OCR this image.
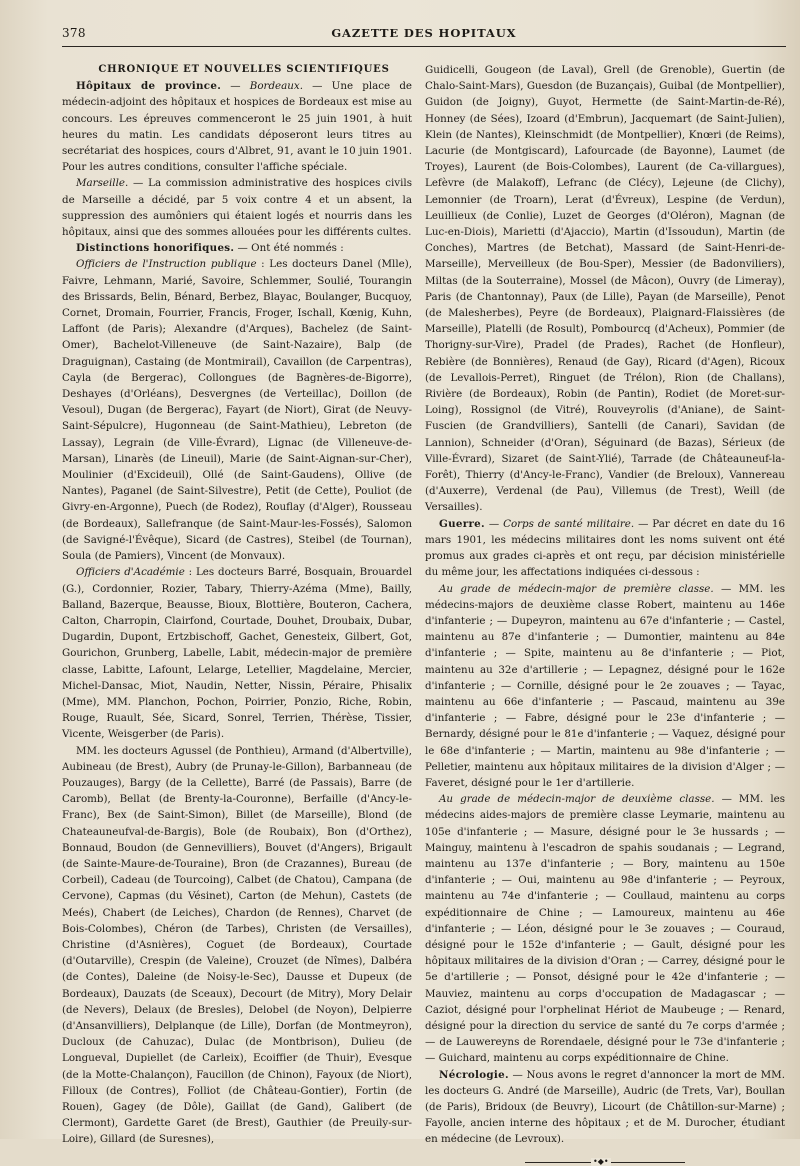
378	GAZETTE DES HOPITAUX

CHRONIQUE ET NOUVELLES SCIENTIFIQUES

Hôpitaux de province. — Bordeaux. — Une place de médecin-adjoint des hôpitaux et hospices de Bordeaux est mise au concours. Les épreuves commenceront le 25 juin 1901, à huit heures du matin. Les candidats déposeront leurs titres au secrétariat des hospices, cours d'Albret, 91, avant le 10 juin 1901. Pour les autres conditions, consulter l'affiche spéciale.

Marseille. — La commission administrative des hospices civils de Marseille a décidé, par 5 voix contre 4 et un absent, la suppression des aumôniers qui étaient logés et nourris dans les hôpitaux, ainsi que des sommes allouées pour les différents cultes.

Distinctions honorifiques. — Ont été nommés :

Officiers de l'Instruction publique : Les docteurs Danel (Mlle), Faivre, Lehmann, Marié, Savoire, Schlemmer, Soulié, Tourangin des Brissards, Belin, Bénard, Berbez, Blayac, Boulanger, Bucquoy, Cornet, Dromain, Fourrier, Francis, Froger, Ischall, Kœnig, Kuhn, Laffont (de Paris); Alexandre (d'Arques), Bachelez (de Saint-Omer), Bachelot-Villeneuve (de Saint-Nazaire), Balp (de Draguignan), Castaing (de Montmirail), Cavaillon (de Carpentras), Cayla (de Bergerac), Collongues (de Bagnères-de-Bigorre), Deshayes (d'Orléans), Desvergnes (de Verteillac), Doillon (de Vesoul), Dugan (de Bergerac), Fayart (de Niort), Girat (de Neuvy-Saint-Sépulcre), Hugonneau (de Saint-Mathieu), Lebreton (de Lassay), Legrain (de Ville-Évrard), Lignac (de Villeneuve-de-Marsan), Linarès (de Lineuil), Marie (de Saint-Aignan-sur-Cher), Moulinier (d'Excideuil), Ollé (de Saint-Gaudens), Ollive (de Nantes), Paganel (de Saint-Silvestre), Petit (de Cette), Pouliot (de Givry-en-Argonne), Puech (de Rodez), Rouflay (d'Alger), Rousseau (de Bordeaux), Sallefranque (de Saint-Maur-les-Fossés), Salomon (de Savigné-l'Évêque), Sicard (de Castres), Steibel (de Tournan), Soula (de Pamiers), Vincent (de Monvaux).

Officiers d'Académie : Les docteurs Barré, Bosquain, Brouardel (G.), Cordonnier, Rozier, Tabary, Thierry-Azéma (Mme), Bailly, Balland, Bazerque, Beausse, Bioux, Blottière, Bouteron, Cachera, Calton, Charropin, Clairfond, Courtade, Douhet, Droubaix, Dubar, Dugardin, Dupont, Ertzbischoff, Gachet, Genesteix, Gilbert, Got, Gourichon, Grunberg, Labelle, Labit, médecin-major de première classe, Labitte, Lafount, Lelarge, Letellier, Magdelaine, Mercier, Michel-Dansac, Miot, Naudin, Netter, Nissin, Péraire, Phisalix (Mme), MM. Planchon, Pochon, Poirrier, Ponzio, Riche, Robin, Rouge, Ruault, Sée, Sicard, Sonrel, Terrien, Thérèse, Tissier, Vicente, Weisgerber (de Paris).

MM. les docteurs Agussel (de Ponthieu), Armand (d'Albertville), Aubineau (de Brest), Aubry (de Prunay-le-Gillon), Barbanneau (de Pouzauges), Bargy (de la Cellette), Barré (de Passais), Barre (de Caromb), Bellat (de Brenty-la-Couronne), Berfaille (d'Ancy-le-Franc), Bex (de Saint-Simon), Billet (de Marseille), Blond (de Chateauneufval-de-Bargis), Bole (de Roubaix), Bon (d'Orthez), Bonnaud, Boudon (de Gennevilliers), Bouvet (d'Angers), Brigault (de Sainte-Maure-de-Touraine), Bron (de Crazannes), Bureau (de Corbeil), Cadeau (de Tourcoing), Calbet (de Chatou), Campana (de Cervone), Capmas (du Vésinet), Carton (de Mehun), Castets (de Meés), Chabert (de Leiches), Chardon (de Rennes), Charvet (de Bois-Colombes), Chéron (de Tarbes), Christen (de Versailles), Christine (d'Asnières), Coguet (de Bordeaux), Courtade (d'Outarville), Crespin (de Valeine), Crouzet (de Nîmes), Dalbéra (de Contes), Daleine (de Noisy-le-Sec), Dausse et Dupeux (de Bordeaux), Dauzats (de Sceaux), Decourt (de Mitry), Mory Delair (de Nevers), Delaux (de Bresles), Delobel (de Noyon), Delpierre (d'Ansanvilliers), Delplanque (de Lille), Dorfan (de Montmeyron), Ducloux (de Cahuzac), Dulac (de Montbrison), Dulieu (de Longueval, Dupiellet (de Carleix), Ecoiffier (de Thuir), Evesque (de la Motte-Chalançon), Faucillon (de Chinon), Fayoux (de Niort), Filloux (de Contres), Folliot (de Château-Gontier), Fortin (de Rouen), Gagey (de Dôle), Gaillat (de Gand), Galibert (de Clermont), Gardette Garet (de Brest), Gauthier (de Preuily-sur-Loire), Gillard (de Suresnes),

Guidicelli, Gougeon (de Laval), Grell (de Grenoble), Guertin (de Chalo-Saint-Mars), Guesdon (de Buzançais), Guibal (de Montpellier), Guidon (de Joigny), Guyot, Hermette (de Saint-Martin-de-Ré), Honney (de Sées), Izoard (d'Embrun), Jacquemart (de Saint-Julien), Klein (de Nantes), Kleinschmidt (de Montpellier), Knœri (de Reims), Lacurie (de Montgiscard), Lafourcade (de Bayonne), Laumet (de Troyes), Laurent (de Bois-Colombes), Laurent (de Ca-villargues), Lefèvre (de Malakoff), Lefranc (de Clécy), Lejeune (de Clichy), Lemonnier (de Troarn), Lerat (d'Évreux), Lespine (de Verdun), Leuillieux (de Conlie), Luzet de Georges (d'Oléron), Magnan (de Luc-en-Diois), Marietti (d'Ajaccio), Martin (d'Issoudun), Martin (de Conches), Martres (de Betchat), Massard (de Saint-Henri-de-Marseille), Merveilleux (de Bou-Sper), Messier (de Badonviliers), Miltas (de la Souterraine), Mossel (de Mâcon), Ouvry (de Limeray), Paris (de Chantonnay), Paux (de Lille), Payan (de Marseille), Penot (de Malesherbes), Peyre (de Bordeaux), Plaignard-Flaissières (de Marseille), Platelli (de Rosult), Pombourcq (d'Acheux), Pommier (de Thorigny-sur-Vire), Pradel (de Prades), Rachet (de Honfleur), Rebière (de Bonnières), Renaud (de Gay), Ricard (d'Agen), Ricoux (de Levallois-Perret), Ringuet (de Trélon), Rion (de Challans), Rivière (de Bordeaux), Robin (de Pantin), Rodiet (de Moret-sur-Loing), Rossignol (de Vitré), Rouveyrolis (d'Aniane), de Saint-Fuscien (de Grandvilliers), Santelli (de Canari), Savidan (de Lannion), Schneider (d'Oran), Séguinard (de Bazas), Sérieux (de Ville-Évrard), Sizaret (de Saint-Ylié), Tarrade (de Châteauneuf-la-Forêt), Thierry (d'Ancy-le-Franc), Vandier (de Breloux), Vannereau (d'Auxerre), Verdenal (de Pau), Villemus (de Trest), Weill (de Versailles).

Guerre. — Corps de santé militaire. — Par décret en date du 16 mars 1901, les médecins militaires dont les noms suivent ont été promus aux grades ci-après et ont reçu, par décision ministérielle du même jour, les affectations indiquées ci-dessous :

Au grade de médecin-major de première classe. — MM. les médecins-majors de deuxième classe Robert, maintenu au 146e d'infanterie ; — Dupeyron, maintenu au 67e d'infanterie ; — Castel, maintenu au 87e d'infanterie ; — Dumontier, maintenu au 84e d'infanterie ; — Spite, maintenu au 8e d'infanterie ; — Piot, maintenu au 32e d'artillerie ; — Lepagnez, désigné pour le 162e d'infanterie ; — Cornille, désigné pour le 2e zouaves ; — Tayac, maintenu au 66e d'infanterie ; — Pascaud, maintenu au 39e d'infanterie ; — Fabre, désigné pour le 23e d'infanterie ; — Bernardy, désigné pour le 81e d'infanterie ; — Vaquez, désigné pour le 68e d'infanterie ; — Martin, maintenu au 98e d'infanterie ; — Pelletier, maintenu aux hôpitaux militaires de la division d'Alger ; — Faveret, désigné pour le 1er d'artillerie.

Au grade de médecin-major de deuxième classe. — MM. les médecins aides-majors de première classe Leymarie, maintenu au 105e d'infanterie ; — Masure, désigné pour le 3e hussards ; — Mainguy, maintenu à l'escadron de spahis soudanais ; — Legrand, maintenu au 137e d'infanterie ; — Bory, maintenu au 150e d'infanterie ; — Oui, maintenu au 98e d'infanterie ; — Peyroux, maintenu au 74e d'infanterie ; — Coullaud, maintenu au corps expéditionnaire de Chine ; — Lamoureux, maintenu au 46e d'infanterie ; — Léon, désigné pour le 3e zouaves ; — Couraud, désigné pour le 152e d'infanterie ; — Gault, désigné pour les hôpitaux militaires de la division d'Oran ; — Carrey, désigné pour le 5e d'artillerie ; — Ponsot, désigné pour le 42e d'infanterie ; — Mauviez, maintenu au corps d'occupation de Madagascar ; — Caziot, désigné pour l'orphelinat Hériot de Maubeuge ; — Renard, désigné pour la direction du service de santé du 7e corps d'armée ; — de Lauwereyns de Rorendaele, désigné pour le 73e d'infanterie ; — Guichard, maintenu au corps expéditionnaire de Chine.

Nécrologie. — Nous avons le regret d'annoncer la mort de MM. les docteurs G. André (de Marseille), Audric (de Trets, Var), Boullan (de Paris), Bridoux (de Beuvry), Licourt (de Châtillon-sur-Marne) ; Fayolle, ancien interne des hôpitaux ; et de M. Durocher, étudiant en médecine (de Levroux).

•◆•
